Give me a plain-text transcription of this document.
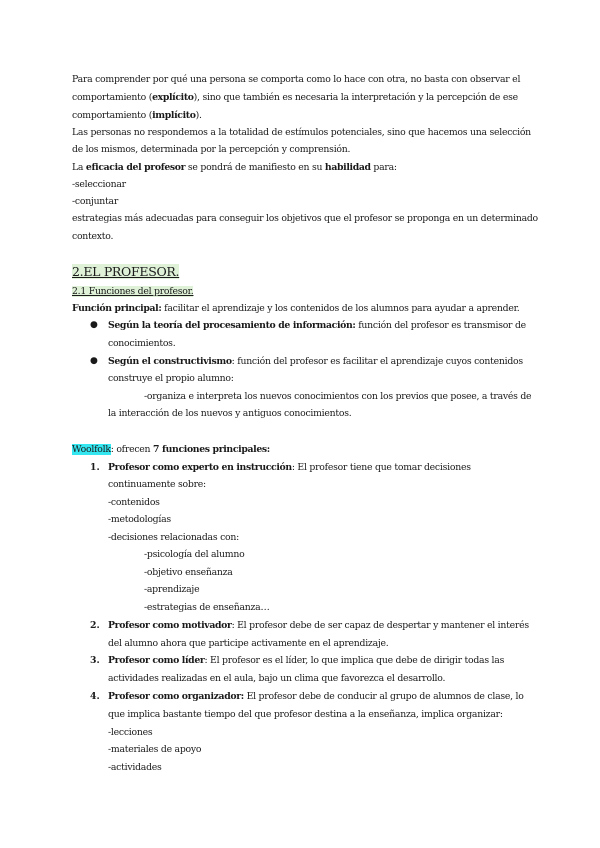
Para comprender por qué una persona se comporta como lo hace con otra, no basta con observar el
comportamiento (explícito), sino que también es necesaria la interpretación y la percepción de ese
comportamiento (implícito).
Las personas no respondemos a la totalidad de estímulos potenciales, sino que hacemos una selección
de los mismos, determinada por la percepción y comprensión.
La eficacia del profesor se pondrá de manifiesto en su habilidad para:
-seleccionar
-conjuntar
estrategias más adecuadas para conseguir los objetivos que el profesor se proponga en un determinado
contexto.
2.EL PROFESOR.
2.1 Funciones del profesor.
Función principal: facilitar el aprendizaje y los contenidos de los alumnos para ayudar a aprender.
● Según la teoría del procesamiento de información: función del profesor es transmisor de
conocimientos.
● Según el constructivismo: función del profesor es facilitar el aprendizaje cuyos contenidos
construye el propio alumno:
-organiza e interpreta los nuevos conocimientos con los previos que posee, a través de
la interacción de los nuevos y antiguos conocimientos.
Woolfolk: ofrecen 7 funciones principales:
1. Profesor como experto en instrucción: El profesor tiene que tomar decisiones
continuamente sobre:
-contenidos
-metodologías
-decisiones relacionadas con:
-psicología del alumno
-objetivo enseñanza
-aprendizaje
-estrategias de enseñanza…
2. Profesor como motivador: El profesor debe de ser capaz de despertar y mantener el interés
del alumno ahora que participe activamente en el aprendizaje.
3. Profesor como líder: El profesor es el líder, lo que implica que debe de dirigir todas las
actividades realizadas en el aula, bajo un clima que favorezca el desarrollo.
4. Profesor como organizador: El profesor debe de conducir al grupo de alumnos de clase, lo
que implica bastante tiempo del que profesor destina a la enseñanza, implica organizar:
-lecciones
-materiales de apoyo
-actividades
